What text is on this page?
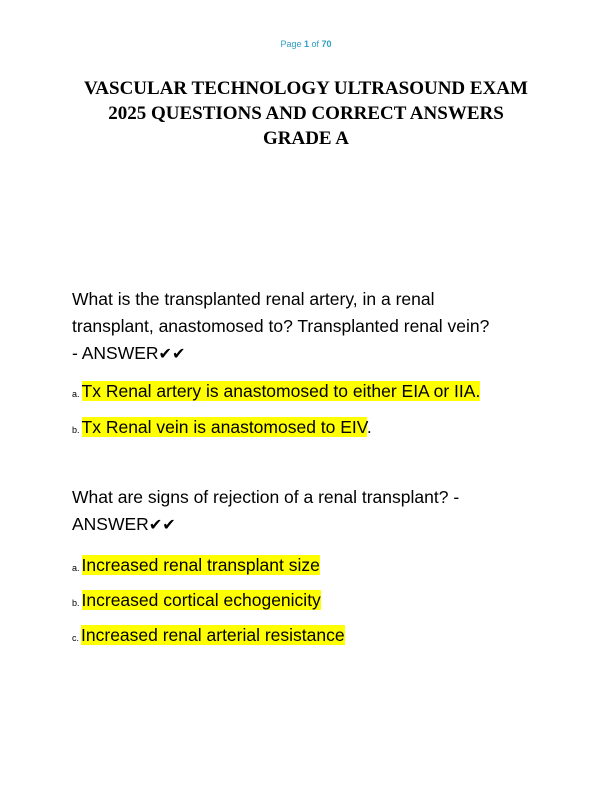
Page 1 of 70
VASCULAR TECHNOLOGY ULTRASOUND EXAM
2025 QUESTIONS AND CORRECT ANSWERS
GRADE A
What is the transplanted renal artery, in a renal
transplant, anastomosed to? Transplanted renal vein?
- ANSWER✔✔
a. Tx Renal artery is anastomosed to either EIA or IIA.
b. Tx Renal vein is anastomosed to EIV.
What are signs of rejection of a renal transplant? -
ANSWER✔✔
a. Increased renal transplant size
b. Increased cortical echogenicity
c. Increased renal arterial resistance
